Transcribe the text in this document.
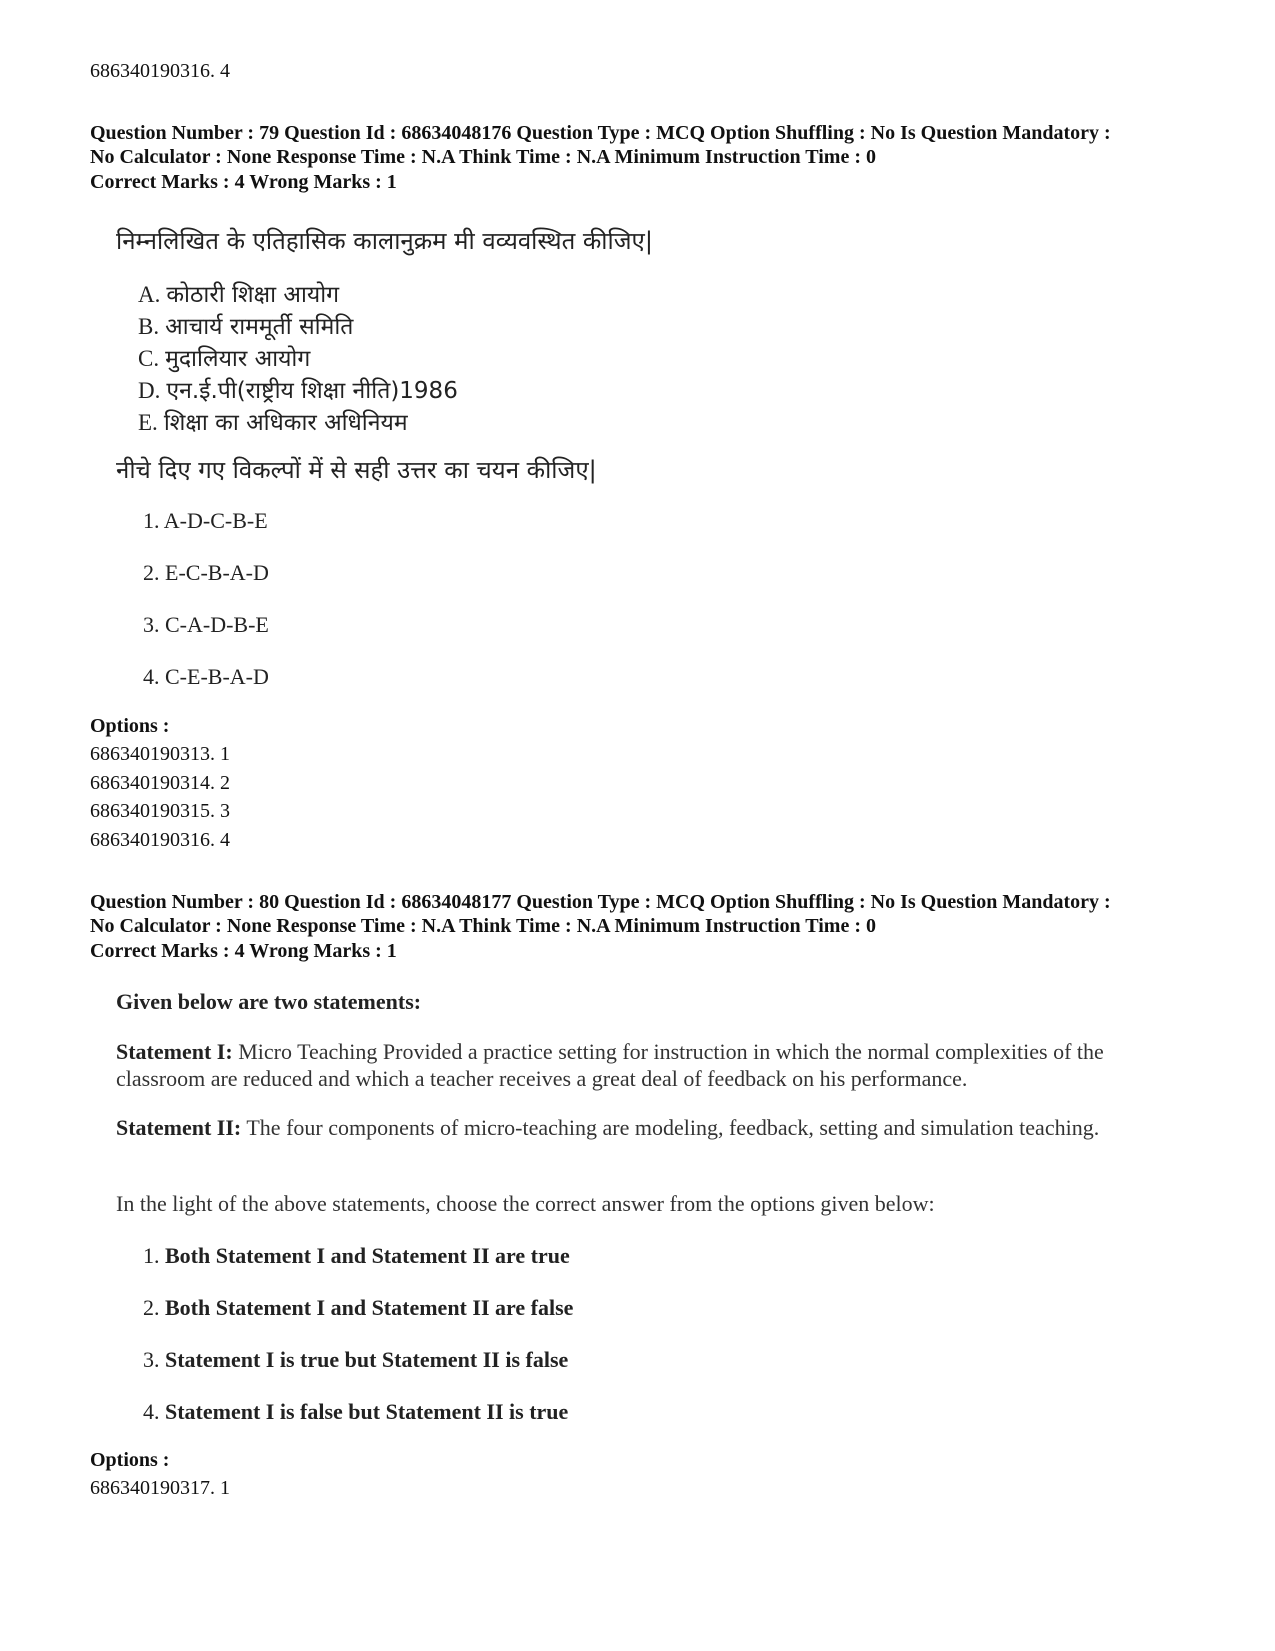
686340190316. 4
Question Number : 79 Question Id : 68634048176 Question Type : MCQ Option Shuffling : No Is Question Mandatory :
No Calculator : None Response Time : N.A Think Time : N.A Minimum Instruction Time : 0
Correct Marks : 4 Wrong Marks : 1
निम्नलिखित के एतिहासिक कालानुक्रम मी वव्यवस्थित कीजिए|
A. कोठारी शिक्षा आयोग
B. आचार्य राममूर्ती समिति
C. मुदालियार आयोग
D. एन.ई.पी(राष्ट्रीय शिक्षा नीति)1986
E. शिक्षा का अधिकार अधिनियम
नीचे दिए गए विकल्पों में से सही उत्तर का चयन कीजिए|
1. A-D-C-B-E
2. E-C-B-A-D
3. C-A-D-B-E
4. C-E-B-A-D
Options :
686340190313. 1
686340190314. 2
686340190315. 3
686340190316. 4
Question Number : 80 Question Id : 68634048177 Question Type : MCQ Option Shuffling : No Is Question Mandatory :
No Calculator : None Response Time : N.A Think Time : N.A Minimum Instruction Time : 0
Correct Marks : 4 Wrong Marks : 1
Given below are two statements:
Statement I: Micro Teaching Provided a practice setting for instruction in which the normal complexities of the classroom are reduced and which a teacher receives a great deal of feedback on his performance.
Statement II: The four components of micro-teaching are modeling, feedback, setting and simulation teaching.
In the light of the above statements, choose the correct answer from the options given below:
1. Both Statement I and Statement II are true
2. Both Statement I and Statement II are false
3. Statement I is true but Statement II is false
4. Statement I is false but Statement II is true
Options :
686340190317. 1
